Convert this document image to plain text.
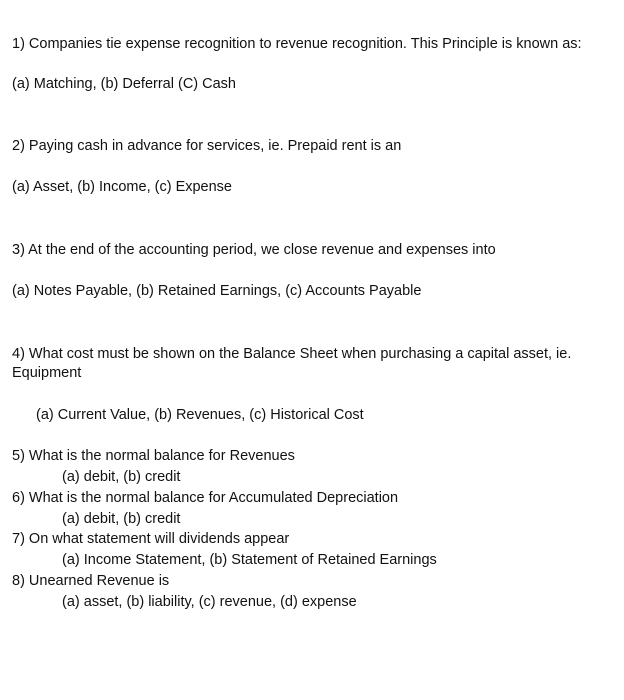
1) Companies tie expense recognition to revenue recognition. This Principle is known as:
(a) Matching, (b) Deferral (C) Cash
2) Paying cash in advance for services, ie. Prepaid rent is an
(a) Asset, (b) Income, (c) Expense
3) At the end of the accounting period, we close revenue and expenses into
(a) Notes Payable, (b) Retained Earnings, (c) Accounts Payable
4) What cost must be shown on the Balance Sheet when purchasing a capital asset, ie.
Equipment
(a) Current Value, (b) Revenues, (c) Historical Cost
5) What is the normal balance for Revenues
(a) debit, (b) credit
6) What is the normal balance for Accumulated Depreciation
(a) debit, (b) credit
7) On what statement will dividends appear
(a) Income Statement, (b) Statement of Retained Earnings
8) Unearned Revenue is
(a) asset, (b) liability, (c) revenue, (d) expense
